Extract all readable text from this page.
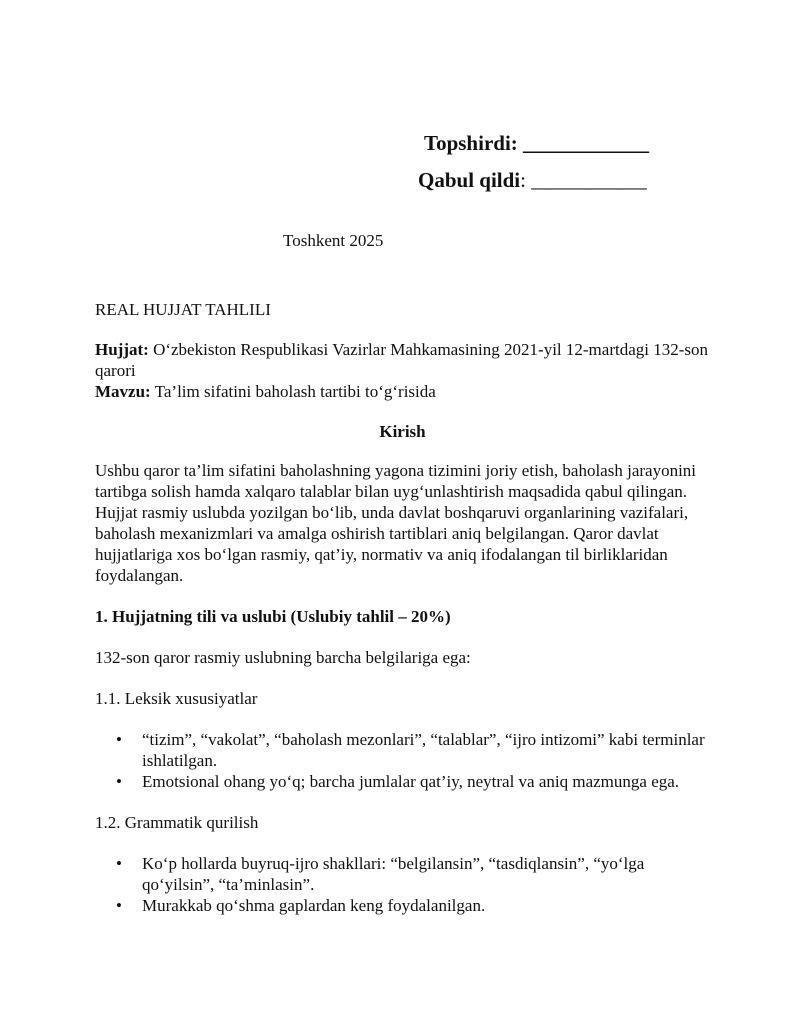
Topshirdi: ____________
Qabul qildi: ___________
Toshkent 2025

REAL HUJJAT TAHLILI

Hujjat: O‘zbekiston Respublikasi Vazirlar Mahkamasining 2021-yil 12-martdagi 132-son qarori

Mavzu: Ta’lim sifatini baholash tartibi to‘g‘risida

Kirish

Ushbu qaror ta’lim sifatini baholashning yagona tizimini joriy etish, baholash jarayonini tartibga solish hamda xalqaro talablar bilan uyg‘unlashtirish maqsadida qabul qilingan. Hujjat rasmiy uslubda yozilgan bo‘lib, unda davlat boshqaruvi organlarining vazifalari, baholash mexanizmlari va amalga oshirish tartiblari aniq belgilangan. Qaror davlat hujjatlariga xos bo‘lgan rasmiy, qat’iy, normativ va aniq ifodalangan til birliklaridan foydalangan.

1. Hujjatning tili va uslubi (Uslubiy tahlil – 20%)

132-son qaror rasmiy uslubning barcha belgilariga ega:

1.1. Leksik xususiyatlar

• “tizim”, “vakolat”, “baholash mezonlari”, “talablar”, “ijro intizomi” kabi terminlar ishlatilgan.
• Emotsional ohang yo‘q; barcha jumlalar qat’iy, neytral va aniq mazmunga ega.

1.2. Grammatik qurilish

• Ko‘p hollarda buyruq-ijro shakllari: “belgilansin”, “tasdiqlansin”, “yo‘lga qo‘yilsin”, “ta’minlasin”.
• Murakkab qo‘shma gaplardan keng foydalanilgan.
